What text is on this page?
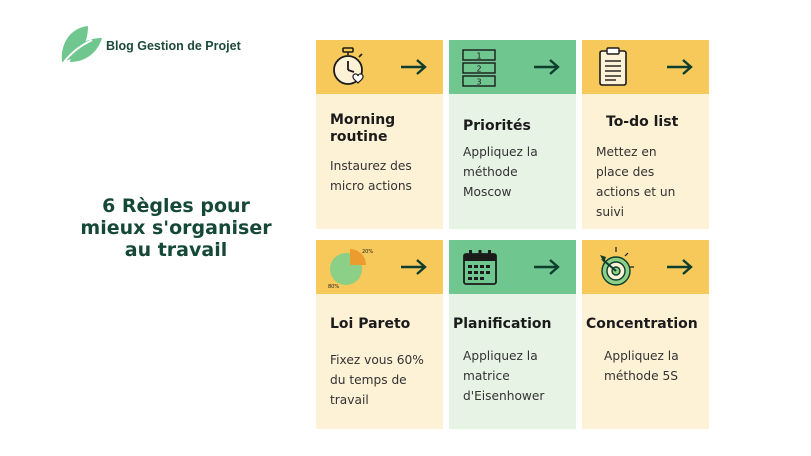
Blog Gestion de Projet
6 Règles pour
mieux s'organiser
au travail
Morning
routine
Instaurez des
micro actions
1
2
3
Priorités
Appliquez la
méthode
Moscow
To-do list
Mettez en
place des
actions et un
suivi
20%
80%
Loi Pareto
Fixez vous 60%
du temps de
travail
Planification
Appliquez la
matrice
d'Eisenhower
Concentration
Appliquez la
méthode 5S
